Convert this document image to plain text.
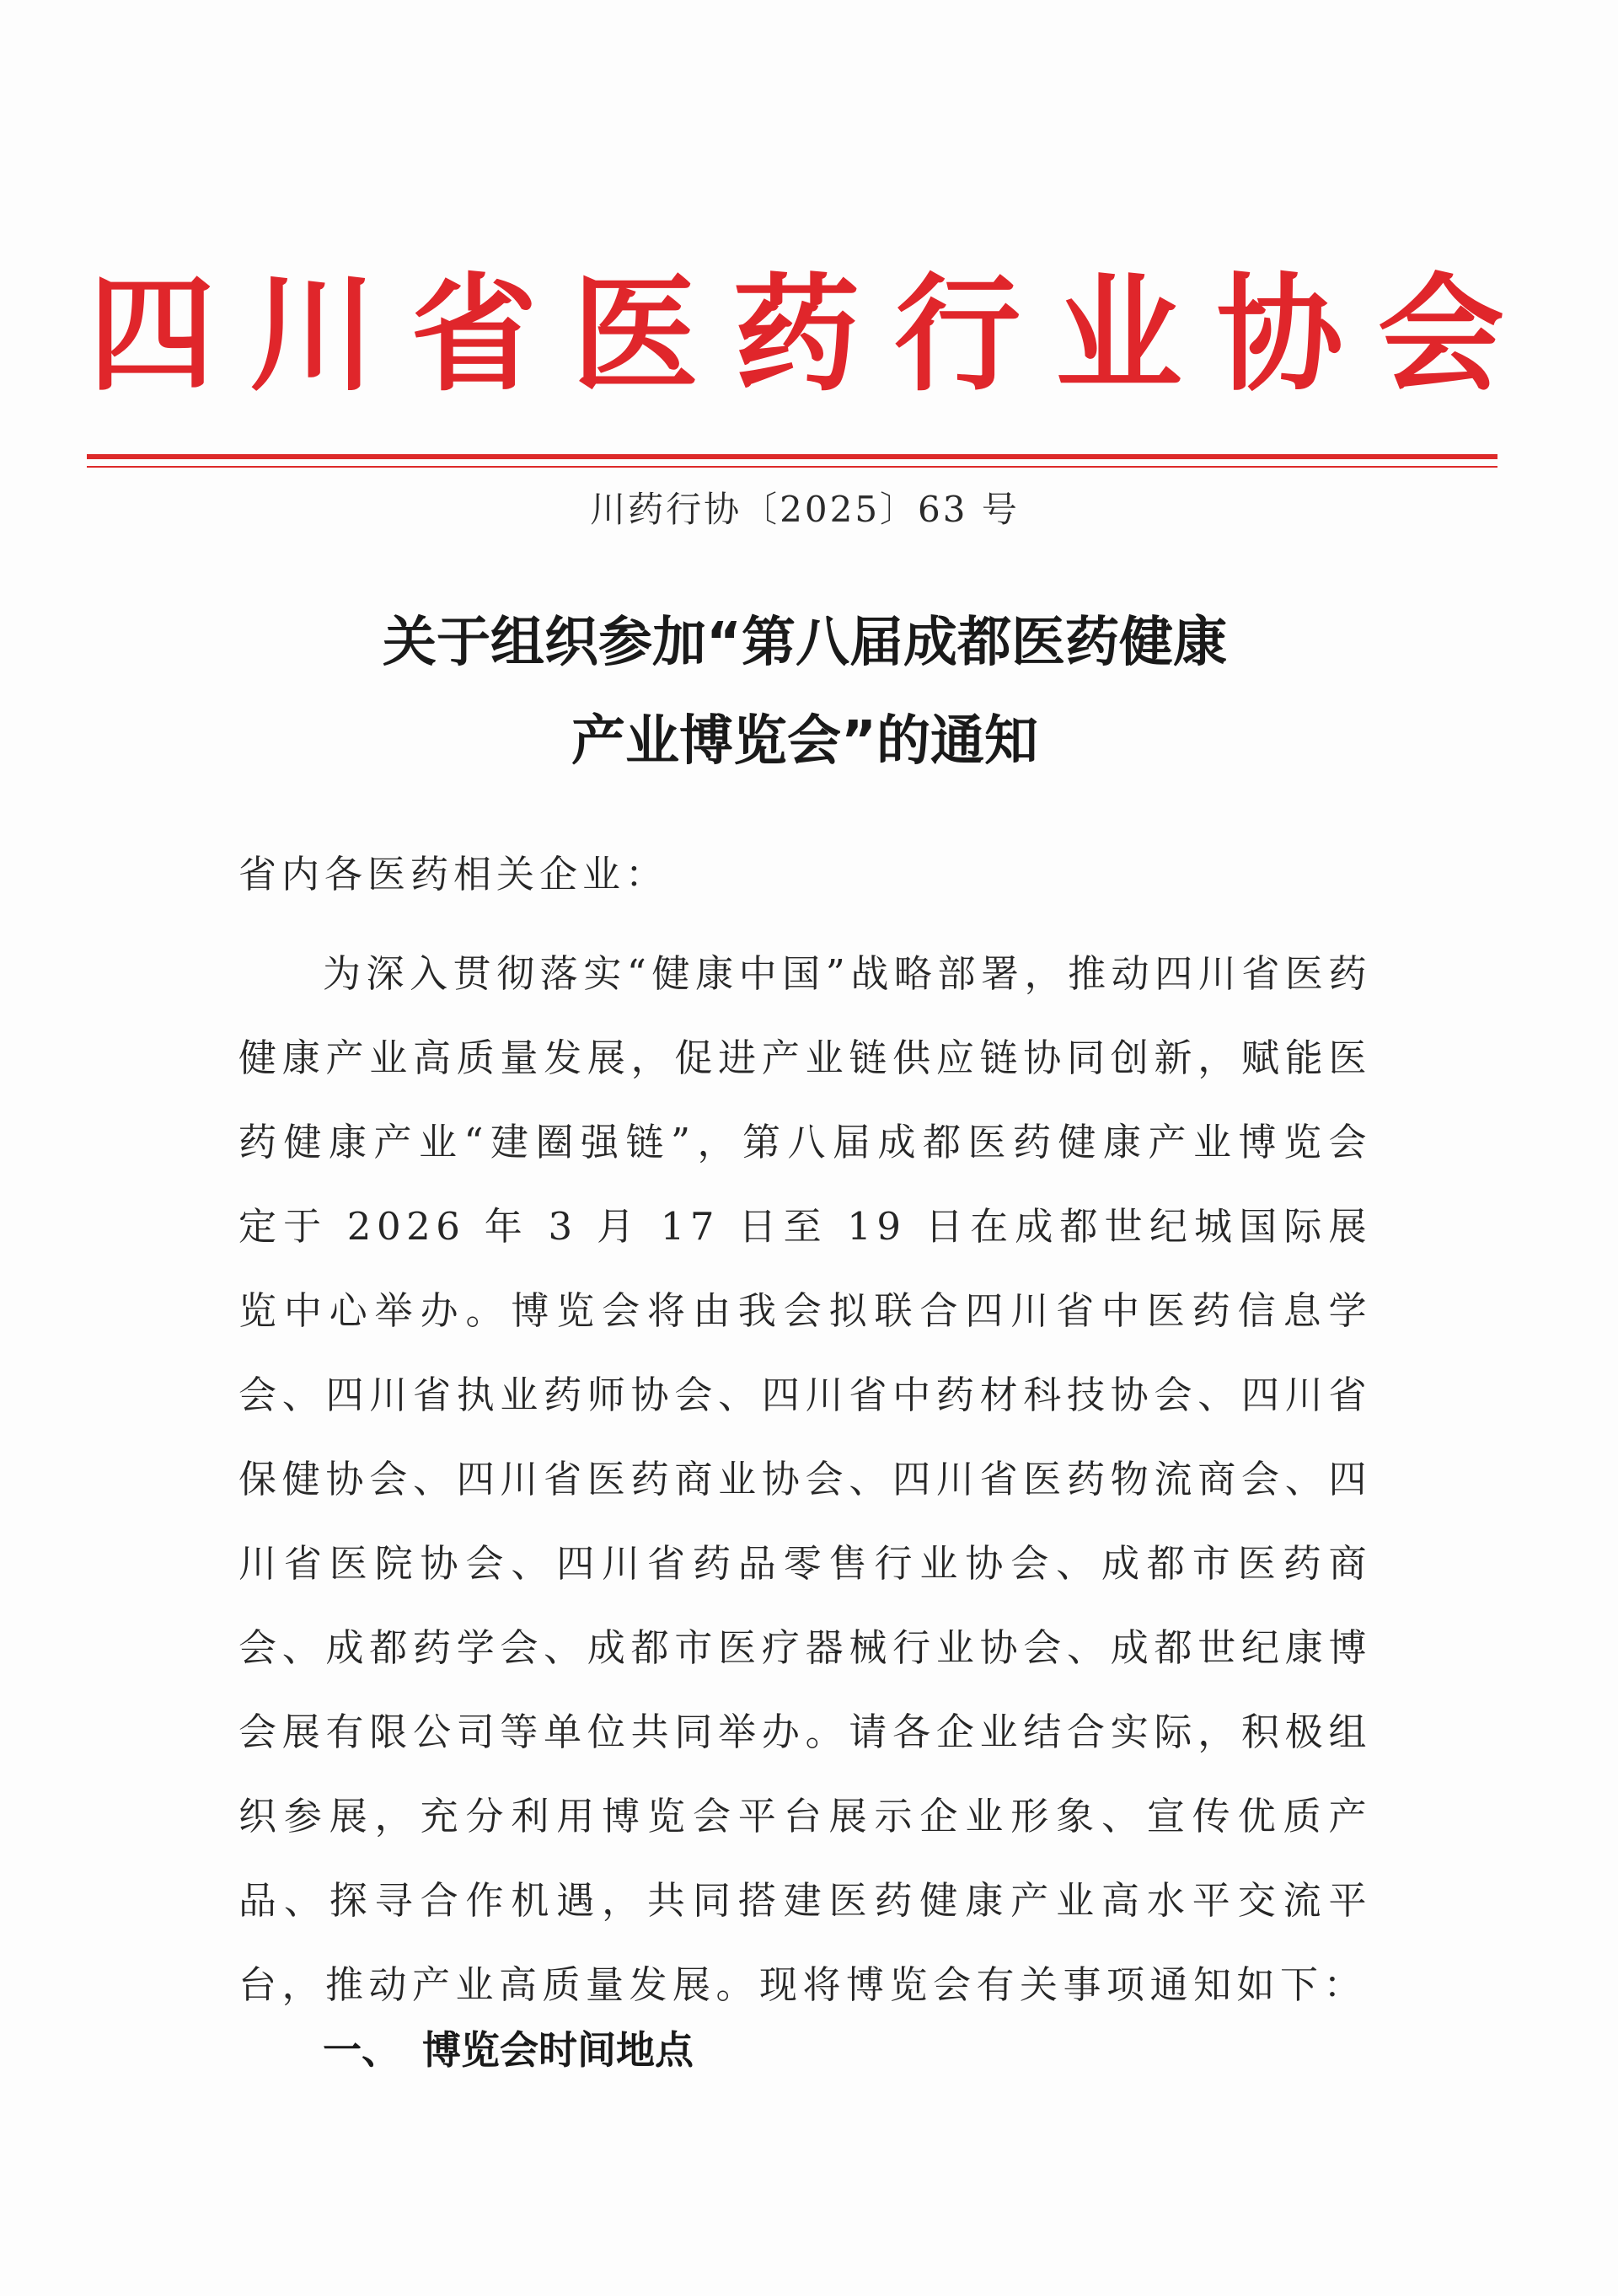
四 川 省 医 药 行 业 协 会
川药行协〔2025〕63 号
关于组织参加“第八届成都医药健康
产业博览会”的通知
省内各医药相关企业：
为深入贯彻落实“健康中国”战略部署，推动四川省医药健康产业高质量发展，促进产业链供应链协同创新，赋能医药健康产业“建圈强链”，第八届成都医药健康产业博览会定于 2026 年 3 月 17 日至 19 日在成都世纪城国际展览中心举办。博览会将由我会拟联合四川省中医药信息学会、四川省执业药师协会、四川省中药材科技协会、四川省保健协会、四川省医药商业协会、四川省医药物流商会、四川省医院协会、四川省药品零售行业协会、成都市医药商会、成都药学会、成都市医疗器械行业协会、成都世纪康博会展有限公司等单位共同举办。请各企业结合实际，积极组织参展，充分利用博览会平台展示企业形象、宣传优质产品、探寻合作机遇，共同搭建医药健康产业高水平交流平台，推动产业高质量发展。现将博览会有关事项通知如下：
一、 博览会时间地点
